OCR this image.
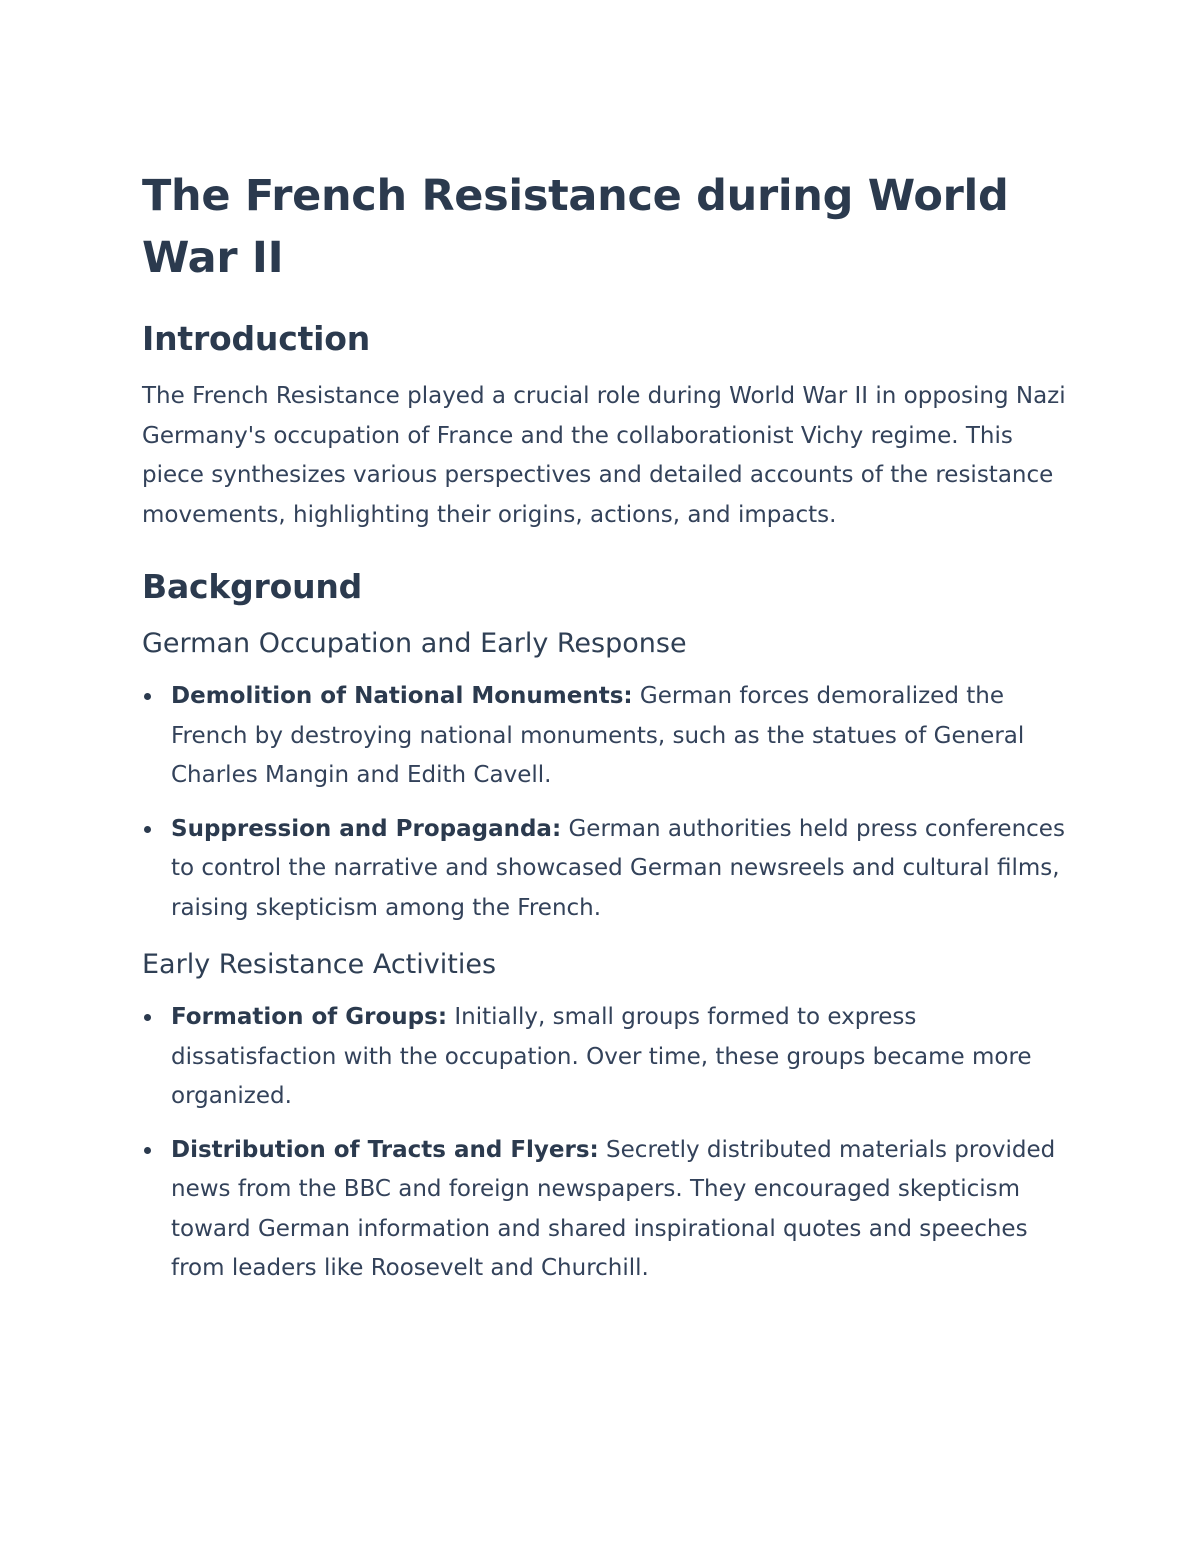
The French Resistance during World War II
Introduction

The French Resistance played a crucial role during World War II in opposing Nazi Germany's occupation of France and the collaborationist Vichy regime. This piece synthesizes various perspectives and detailed accounts of the resistance movements, highlighting their origins, actions, and impacts.

Background
German Occupation and Early Response
Demolition of National Monuments: German forces demoralized the French by destroying national monuments, such as the statues of General Charles Mangin and Edith Cavell.
Suppression and Propaganda: German authorities held press conferences to control the narrative and showcased German newsreels and cultural films, raising skepticism among the French.
Early Resistance Activities
Formation of Groups: Initially, small groups formed to express dissatisfaction with the occupation. Over time, these groups became more organized.
Distribution of Tracts and Flyers: Secretly distributed materials provided news from the BBC and foreign newspapers. They encouraged skepticism toward German information and shared inspirational quotes and speeches from leaders like Roosevelt and Churchill.
